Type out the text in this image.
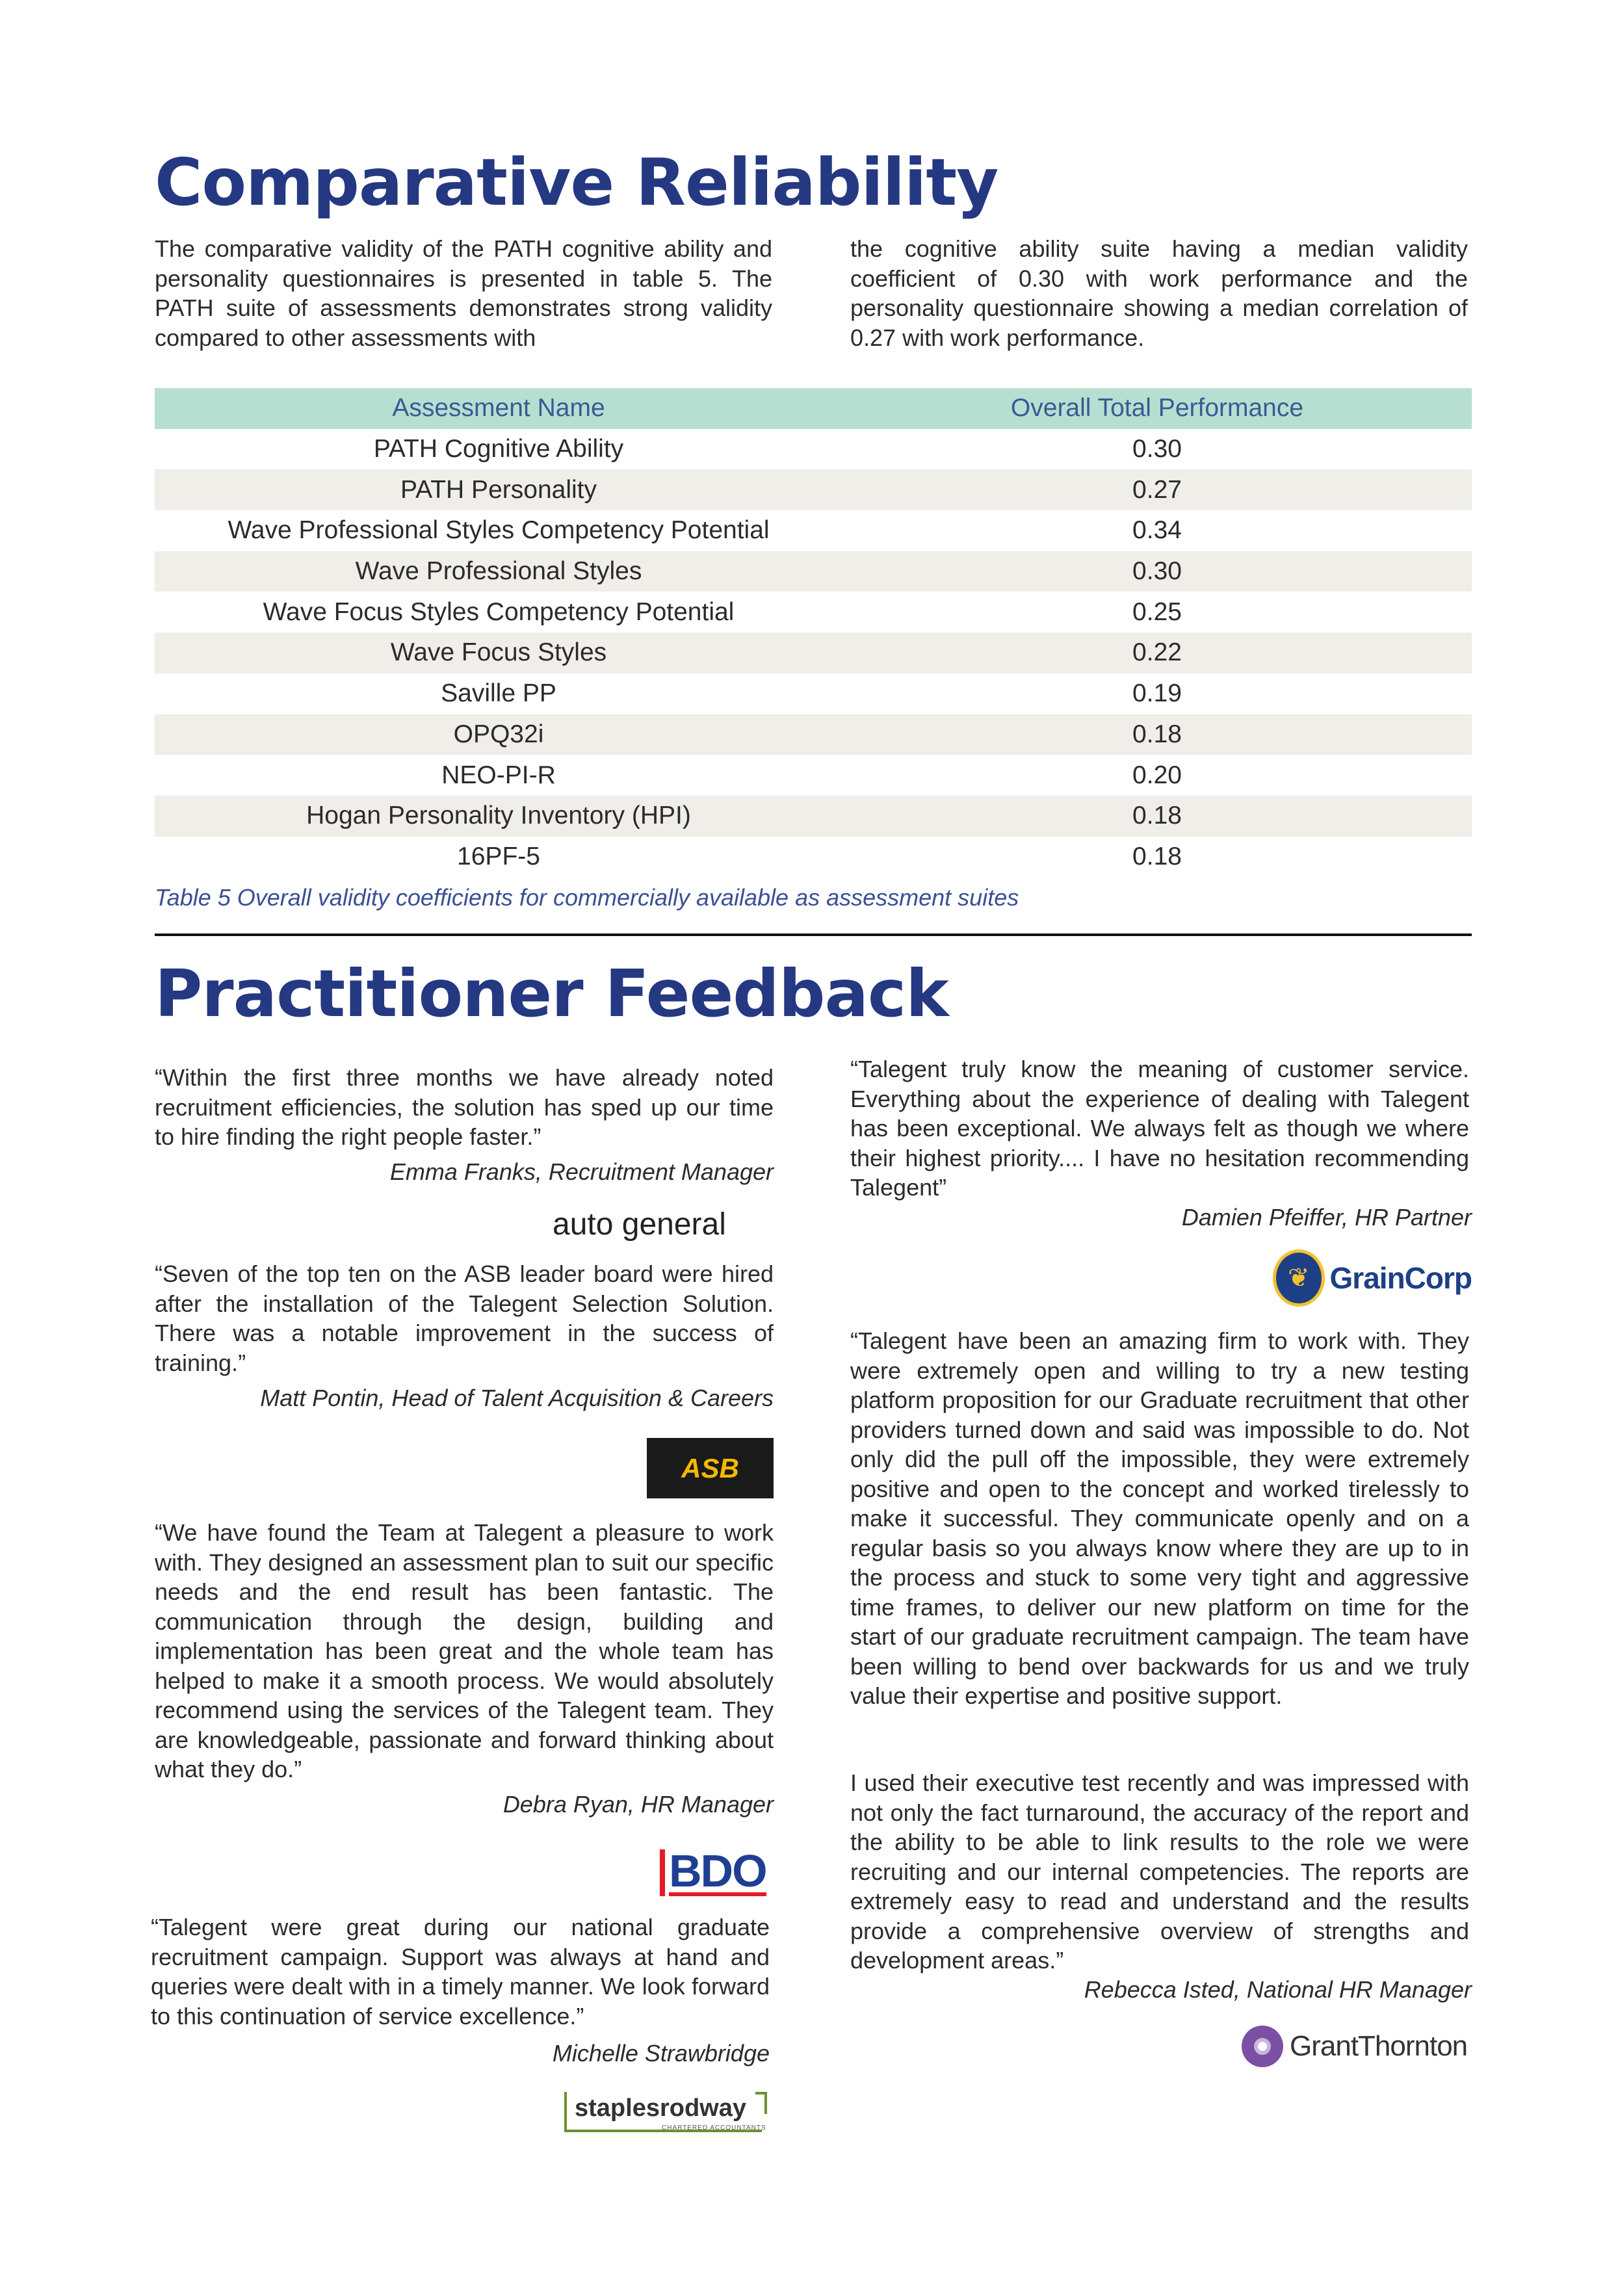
Comparative Reliability

The comparative validity of the PATH cognitive ability and personality questionnaires is presented in table 5. The PATH suite of assessments demonstrates strong validity compared to other assessments with

the cognitive ability suite having a median validity coefficient of 0.30 with work performance and the personality questionnaire showing a median correlation of 0.27 with work performance.

Assessment Name	Overall Total Performance
PATH Cognitive Ability	0.30
PATH Personality	0.27
Wave Professional Styles Competency Potential	0.34
Wave Professional Styles	0.30
Wave Focus Styles Competency Potential	0.25
Wave Focus Styles	0.22
Saville PP	0.19
OPQ32i	0.18
NEO-PI-R	0.20
Hogan Personality Inventory (HPI)	0.18
16PF-5	0.18
Table 5 Overall validity coefficients for commercially available as assessment suites
Practitioner Feedback

“Within the first three months we have already noted recruitment efficiencies, the solution has sped up our time to hire finding the right people faster.”

Emma Franks, Recruitment Manager
auto general

“Seven of the top ten on the ASB leader board were hired after the installation of the Talegent Selection Solution. There was a notable improvement in the success of training.”

Matt Pontin, Head of Talent Acquisition & Careers
ASB

“We have found the Team at Talegent a pleasure to work with. They designed an assessment plan to suit our specific needs and the end result has been fantastic. The communication through the design, building and implementation has been great and the whole team has helped to make it a smooth process. We would absolutely recommend using the services of the Talegent team. They are knowledgeable, passionate and forward thinking about what they do.”

Debra Ryan, HR Manager
BDO

“Talegent were great during our national graduate recruitment campaign. Support was always at hand and queries were dealt with in a timely manner. We look forward to this continuation of service excellence.”

Michelle Strawbridge
staplesrodway
CHARTERED ACCOUNTANTS

“Talegent truly know the meaning of customer service. Everything about the experience of dealing with Talegent has been exceptional. We always felt as though we where their highest priority.... I have no hesitation recommending Talegent”

Damien Pfeiffer, HR Partner
❦ GrainCorp

“Talegent have been an amazing firm to work with. They were extremely open and willing to try a new testing platform proposition for our Graduate recruitment that other providers turned down and said was impossible to do. Not only did the pull off the impossible, they were extremely positive and open to the concept and worked tirelessly to make it successful. They communicate openly and on a regular basis so you always know where they are up to in the process and stuck to some very tight and aggressive time frames, to deliver our new platform on time for the start of our graduate recruitment campaign. The team have been willing to bend over backwards for us and we truly value their expertise and positive support.

I used their executive test recently and was impressed with not only the fact turnaround, the accuracy of the report and the ability to be able to link results to the role we were recruiting and our internal competencies. The reports are extremely easy to read and understand and the results provide a comprehensive overview of strengths and development areas.”

Rebecca Isted, National HR Manager
GrantThornton
